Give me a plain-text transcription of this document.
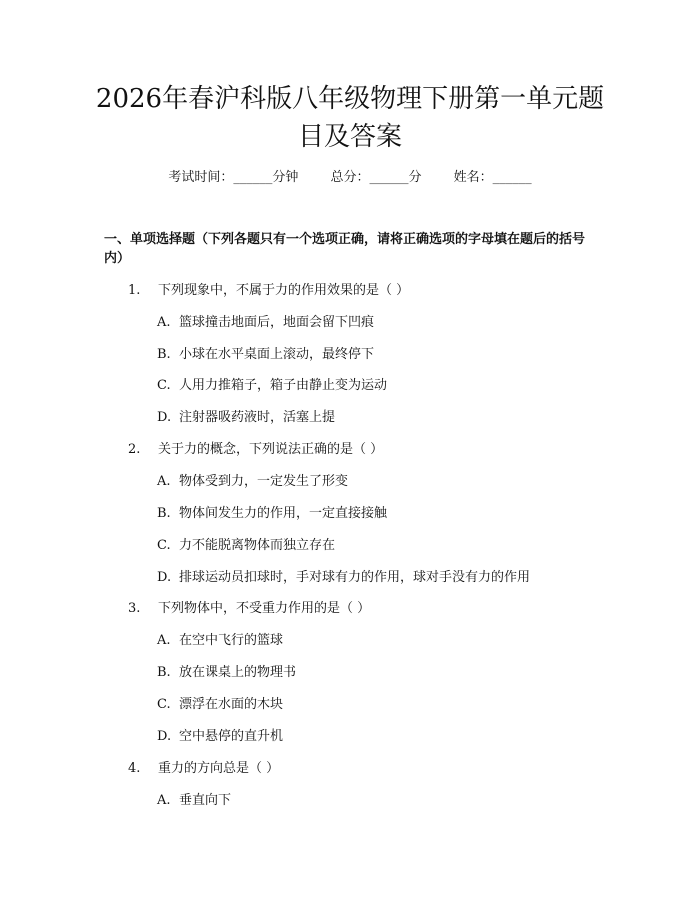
2026年春沪科版八年级物理下册第一单元题目及答案
考试时间：______分钟 总分：______分 姓名：______
一、单项选择题（下列各题只有一个选项正确，请将正确选项的字母填在题后的括号内）
1. 下列现象中，不属于力的作用效果的是（ ）
A. 篮球撞击地面后，地面会留下凹痕
B. 小球在水平桌面上滚动，最终停下
C. 人用力推箱子，箱子由静止变为运动
D. 注射器吸药液时，活塞上提
2. 关于力的概念，下列说法正确的是（ ）
A. 物体受到力，一定发生了形变
B. 物体间发生力的作用，一定直接接触
C. 力不能脱离物体而独立存在
D. 排球运动员扣球时，手对球有力的作用，球对手没有力的作用
3. 下列物体中，不受重力作用的是（ ）
A. 在空中飞行的篮球
B. 放在课桌上的物理书
C. 漂浮在水面的木块
D. 空中悬停的直升机
4. 重力的方向总是（ ）
A. 垂直向下
